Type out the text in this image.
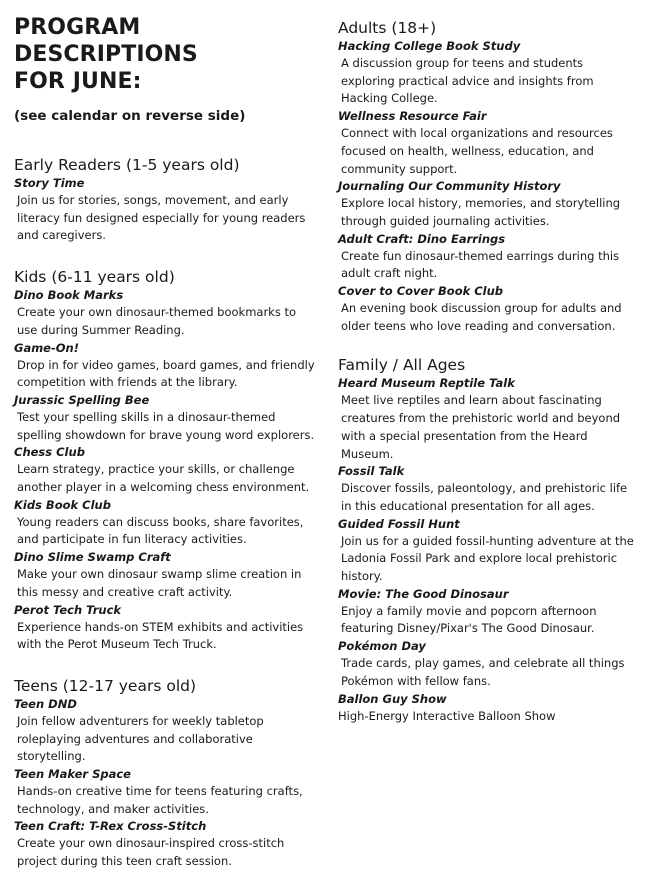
PROGRAM DESCRIPTIONS
FOR JUNE:

(see calendar on reverse side)

Early Readers (1-5 years old)

Story Time

Join us for stories, songs, movement, and early literacy fun designed especially for young readers and caregivers.

Kids (6-11 years old)

Dino Book Marks

Create your own dinosaur-themed bookmarks to use during Summer Reading.

Game-On!

Drop in for video games, board games, and friendly competition with friends at the library.

Jurassic Spelling Bee

Test your spelling skills in a dinosaur-themed spelling showdown for brave young word explorers.

Chess Club

Learn strategy, practice your skills, or challenge another player in a welcoming chess environment.

Kids Book Club

Young readers can discuss books, share favorites, and participate in fun literacy activities.

Dino Slime Swamp Craft

Make your own dinosaur swamp slime creation in this messy and creative craft activity.

Perot Tech Truck

Experience hands-on STEM exhibits and activities with the Perot Museum Tech Truck.

Teens (12-17 years old)

Teen DND

Join fellow adventurers for weekly tabletop roleplaying adventures and collaborative storytelling.

Teen Maker Space

Hands-on creative time for teens featuring crafts, technology, and maker activities.

Teen Craft: T-Rex Cross-Stitch

Create your own dinosaur-inspired cross-stitch project during this teen craft session.

Adults (18+)

Hacking College Book Study

A discussion group for teens and students exploring practical advice and insights from Hacking College.

Wellness Resource Fair

Connect with local organizations and resources focused on health, wellness, education, and community support.

Journaling Our Community History

Explore local history, memories, and storytelling through guided journaling activities.

Adult Craft: Dino Earrings

Create fun dinosaur-themed earrings during this adult craft night.

Cover to Cover Book Club

An evening book discussion group for adults and older teens who love reading and conversation.

Family / All Ages

Heard Museum Reptile Talk

Meet live reptiles and learn about fascinating creatures from the prehistoric world and beyond with a special presentation from the Heard Museum.

Fossil Talk

Discover fossils, paleontology, and prehistoric life in this educational presentation for all ages.

Guided Fossil Hunt

Join us for a guided fossil-hunting adventure at the Ladonia Fossil Park and explore local prehistoric history.

Movie: The Good Dinosaur

Enjoy a family movie and popcorn afternoon featuring Disney/Pixar's The Good Dinosaur.

Pokémon Day

Trade cards, play games, and celebrate all things Pokémon with fellow fans.

Ballon Guy Show

High-Energy Interactive Balloon Show
